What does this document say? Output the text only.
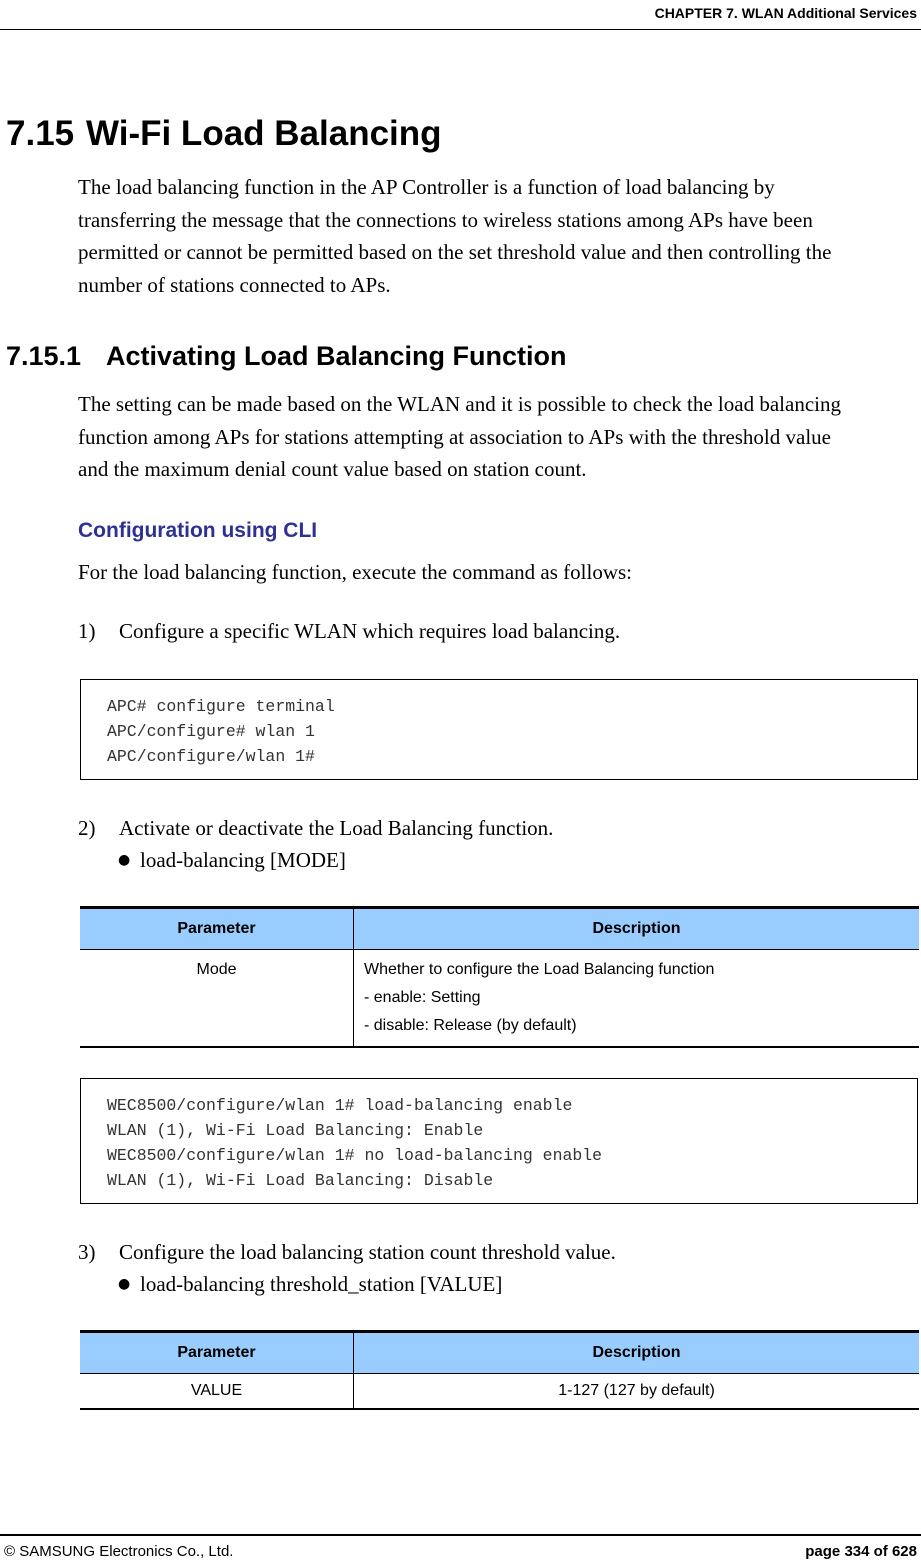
CHAPTER 7. WLAN Additional Services
7.15 Wi-Fi Load Balancing
The load balancing function in the AP Controller is a function of load balancing by
transferring the message that the connections to wireless stations among APs have been
permitted or cannot be permitted based on the set threshold value and then controlling the
number of stations connected to APs.
7.15.1 Activating Load Balancing Function
The setting can be made based on the WLAN and it is possible to check the load balancing
function among APs for stations attempting at association to APs with the threshold value
and the maximum denial count value based on station count.
Configuration using CLI

For the load balancing function, execute the command as follows:

1) Configure a specific WLAN which requires load balancing.

APC# configure terminal
APC/configure# wlan 1
APC/configure/wlan 1#

2) Activate or deactivate the Load Balancing function.

● load-balancing [MODE]

Parameter	Description

Mode	Whether to configure the Load Balancing function
- enable: Setting
- disable: Release (by default)
WEC8500/configure/wlan 1# load-balancing enable
WLAN (1), Wi-Fi Load Balancing: Enable
WEC8500/configure/wlan 1# no load-balancing enable
WLAN (1), Wi-Fi Load Balancing: Disable

3) Configure the load balancing station count threshold value.

● load-balancing threshold_station [VALUE]

Parameter	Description

VALUE	1-127 (127 by default)
© SAMSUNG Electronics Co., Ltd.	page 334 of 628
